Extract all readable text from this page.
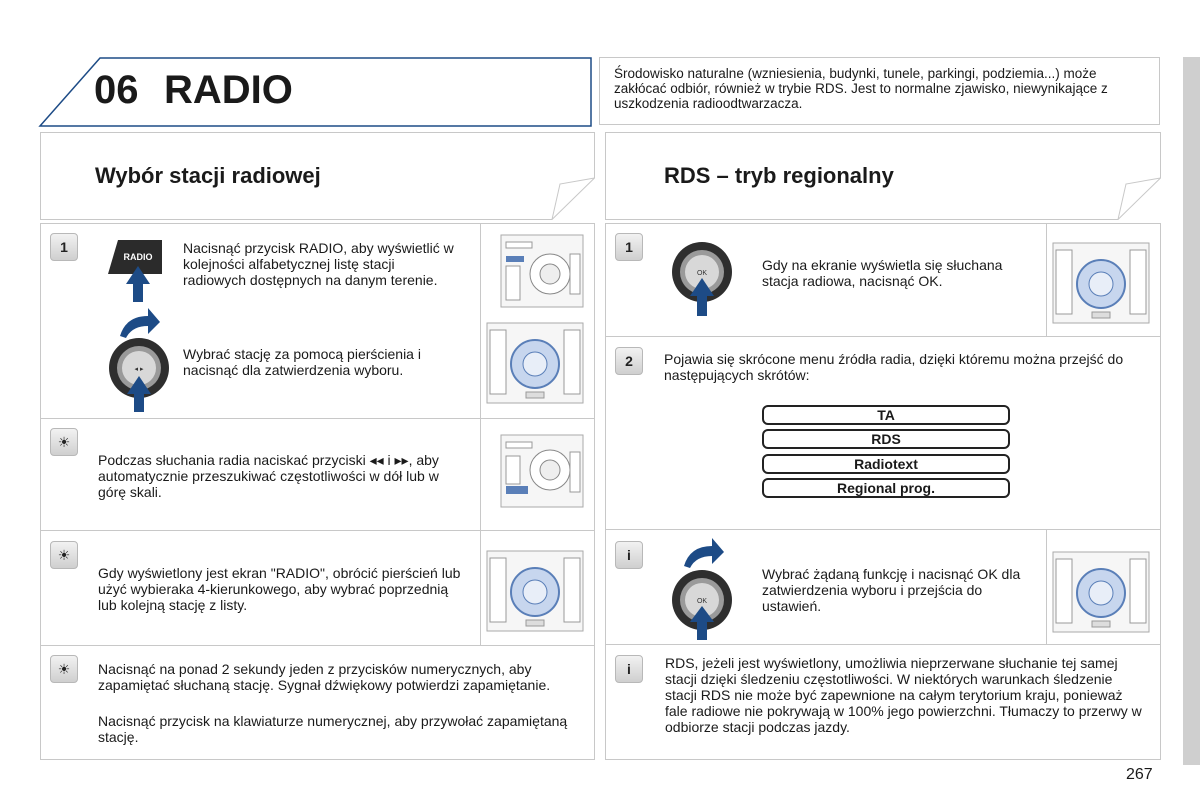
06 RADIO	Środowisko naturalne (wzniesienia, budynki, tunele, parkingi, podziemia...) może zakłócać odbiór, również w trybie RDS. Jest to normalne zjawisko, niewynikające z uszkodzenia radioodtwarzacza.
Wybór stacji radiowej	RDS – tryb regionalny
1
RADIO
Nacisnąć przycisk RADIO, aby wyświetlić w kolejności alfabetycznej listę stacji radiowych dostępnych na danym terenie.
◂ ▸
Wybrać stację za pomocą pierścienia i nacisnąć dla zatwierdzenia wyboru.
☀
Podczas słuchania radia naciskać przyciski ◂◂ i ▸▸, aby automatycznie przeszukiwać częstotliwości w dół lub w górę skali.
☀
Gdy wyświetlony jest ekran "RADIO", obrócić pierścień lub użyć wybieraka 4-kierunkowego, aby wybrać poprzednią lub kolejną stację z listy.
☀	Nacisnąć na ponad 2 sekundy jeden z przycisków numerycznych, aby zapamiętać słuchaną stację. Sygnał dźwiękowy potwierdzi zapamiętanie.
Nacisnąć przycisk na klawiaturze numerycznej, aby przywołać zapamiętaną stację.
1
OK
Gdy na ekranie wyświetla się słuchana stacja radiowa, nacisnąć OK.
2	Pojawia się skrócone menu źródła radia, dzięki któremu można przejść do następujących skrótów:
TA
RDS
Radiotext
Regional prog.
i
OK
Wybrać żądaną funkcję i nacisnąć OK dla zatwierdzenia wyboru i przejścia do ustawień.
i	RDS, jeżeli jest wyświetlony, umożliwia nieprzerwane słuchanie tej samej stacji dzięki śledzeniu częstotliwości. W niektórych warunkach śledzenie stacji RDS nie może być zapewnione na całym terytorium kraju, ponieważ fale radiowe nie pokrywają w 100% jego powierzchni. Tłumaczy to przerwy w odbiorze stacji podczas jazdy.
267
